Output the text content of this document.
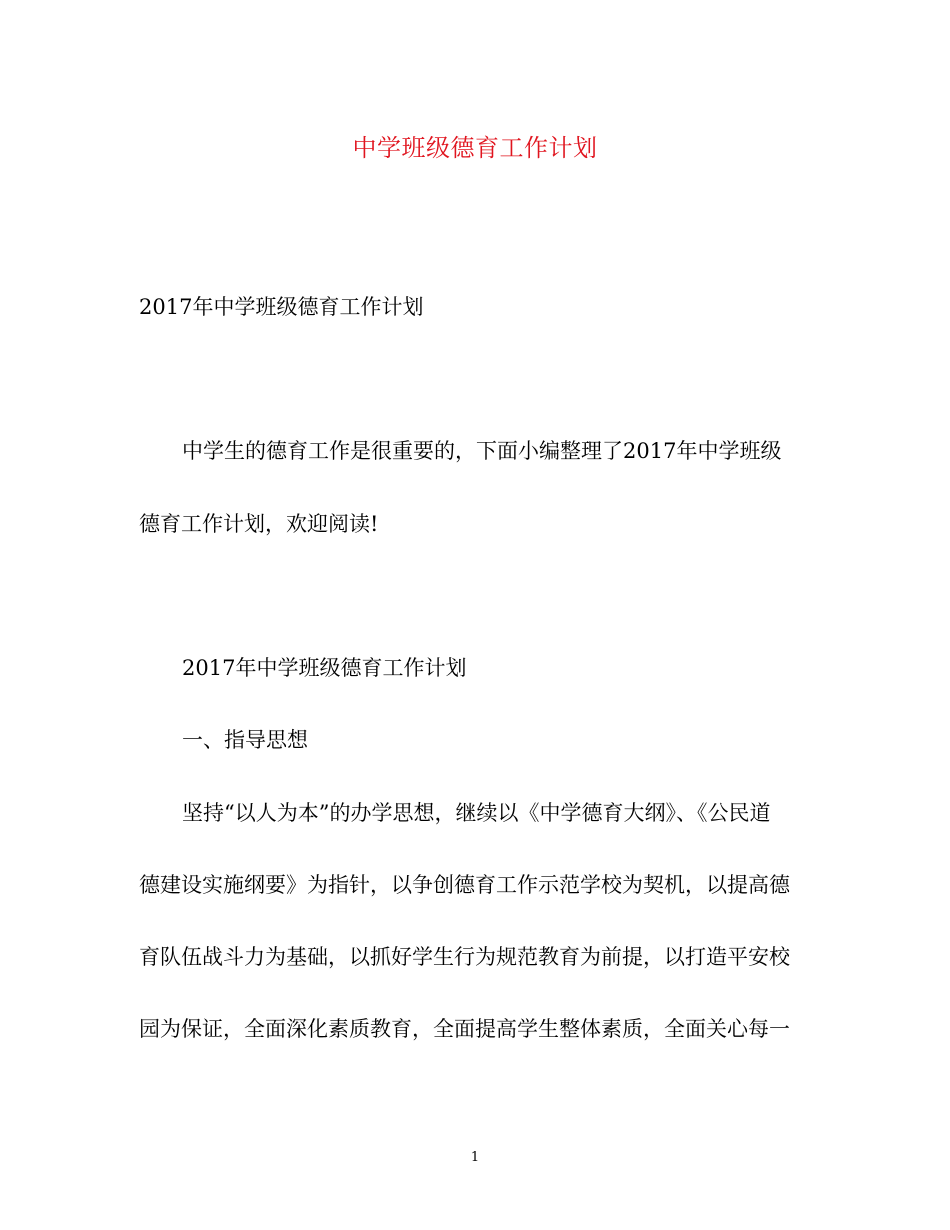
中学班级德育工作计划
2017年中学班级德育工作计划
中学生的德育工作是很重要的，下面小编整理了2017年中学班级
德育工作计划，欢迎阅读!
2017年中学班级德育工作计划
一、指导思想
坚持“以人为本”的办学思想，继续以《中学德育大纲》、《公民道
德建设实施纲要》为指针，以争创德育工作示范学校为契机，以提高德
育队伍战斗力为基础，以抓好学生行为规范教育为前提，以打造平安校
园为保证，全面深化素质教育，全面提高学生整体素质，全面关心每一
1
